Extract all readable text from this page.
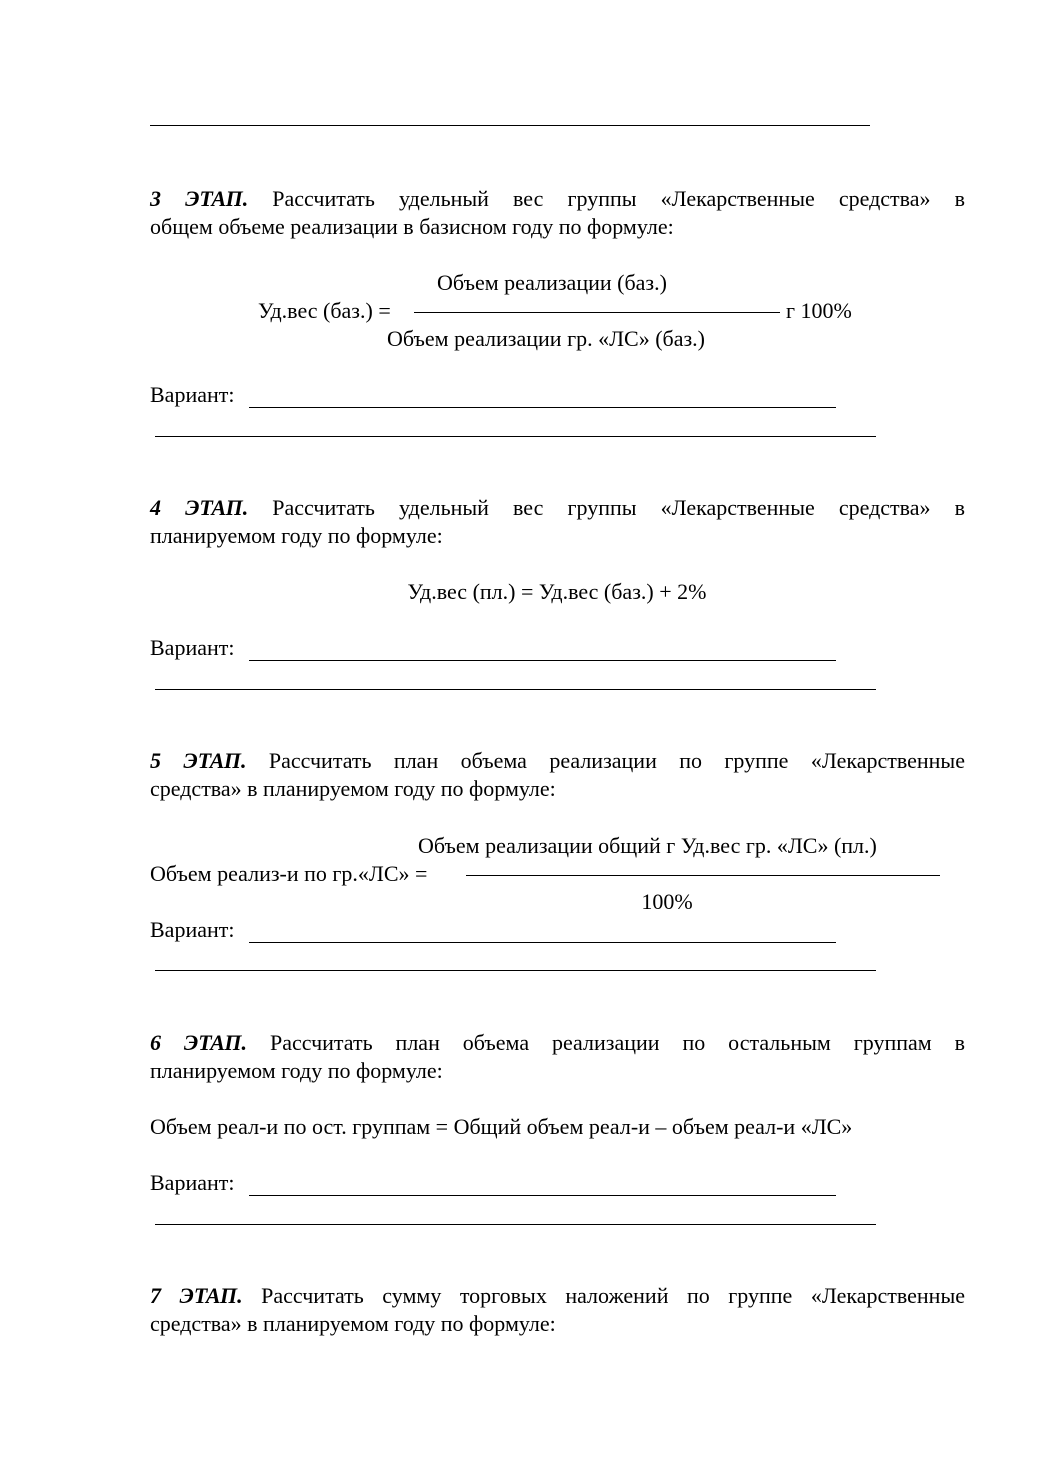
3 ЭТАП. Рассчитать удельный вес группы «Лекарственные средства» в
общем объеме реализации в базисном году по формуле:
Объем реализации (баз.)
Уд.вес (баз.) =	г 100%
Объем реализации гр. «ЛС» (баз.)
Вариант:
4 ЭТАП. Рассчитать удельный вес группы «Лекарственные средства» в
планируемом году по формуле:
Уд.вес (пл.) = Уд.вес (баз.) + 2%
Вариант:
5 ЭТАП. Рассчитать план объема реализации по группе «Лекарственные
средства» в планируемом году по формуле:
Объем реализации общий г Уд.вес гр. «ЛС» (пл.)
Объем реализ-и по гр.«ЛС» =
100%
Вариант:
6 ЭТАП. Рассчитать план объема реализации по остальным группам в
планируемом году по формуле:
Объем реал-и по ост. группам = Общий объем реал-и – объем реал-и «ЛС»
Вариант:
7 ЭТАП. Рассчитать сумму торговых наложений по группе «Лекарственные
средства» в планируемом году по формуле:
